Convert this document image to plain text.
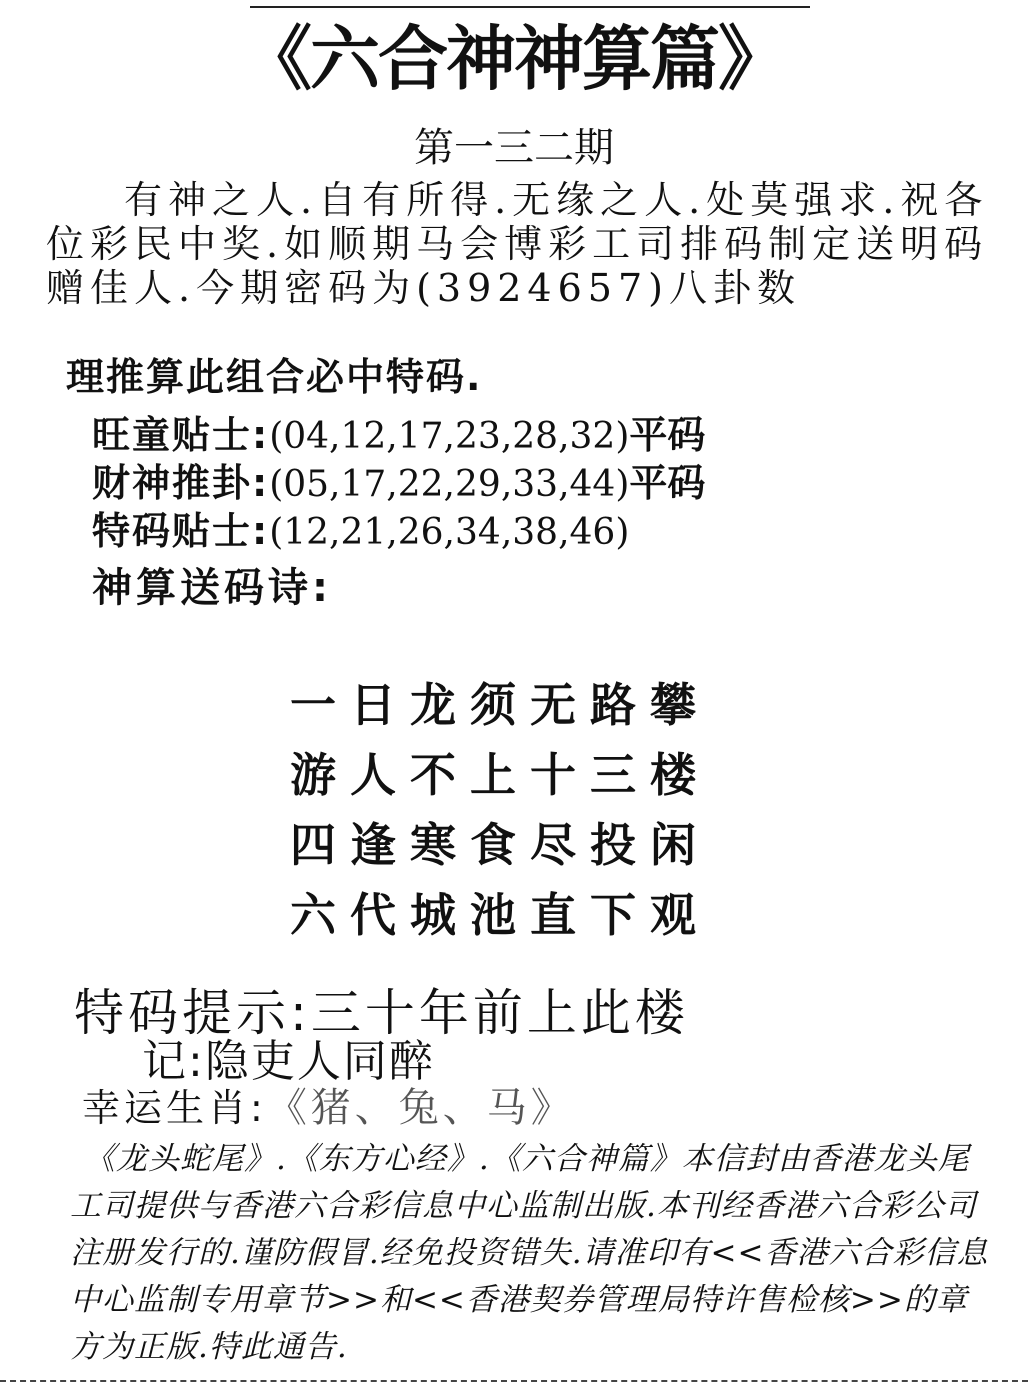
《六合神神算篇》
第一三二期
有神之人.自有所得.无缘之人.处莫强求.祝各位彩民中奖.如顺期马会博彩工司排码制定送明码赠佳人.今期密码为(3924657)八卦数
理推算此组合必中特码.
旺童贴士:(04,12,17,23,28,32)平码
财神推卦:(05,17,22,29,33,44)平码
特码贴士:(12,21,26,34,38,46)
神算送码诗:
一日龙须无路攀
游人不上十三楼
四逢寒食尽投闲
六代城池直下观
特码提示:三十年前上此楼
记:隐吏人同醉
幸运生肖:《猪、兔、马》
《龙头蛇尾》.《东方心经》.《六合神篇》本信封由香港龙头尾工司提供与香港六合彩信息中心监制出版.本刊经香港六合彩公司注册发行的.谨防假冒.经免投资错失.请准印有<<香港六合彩信息中心监制专用章节>>和<<香港契券管理局特许售检核>>的章方为正版.特此通告.
